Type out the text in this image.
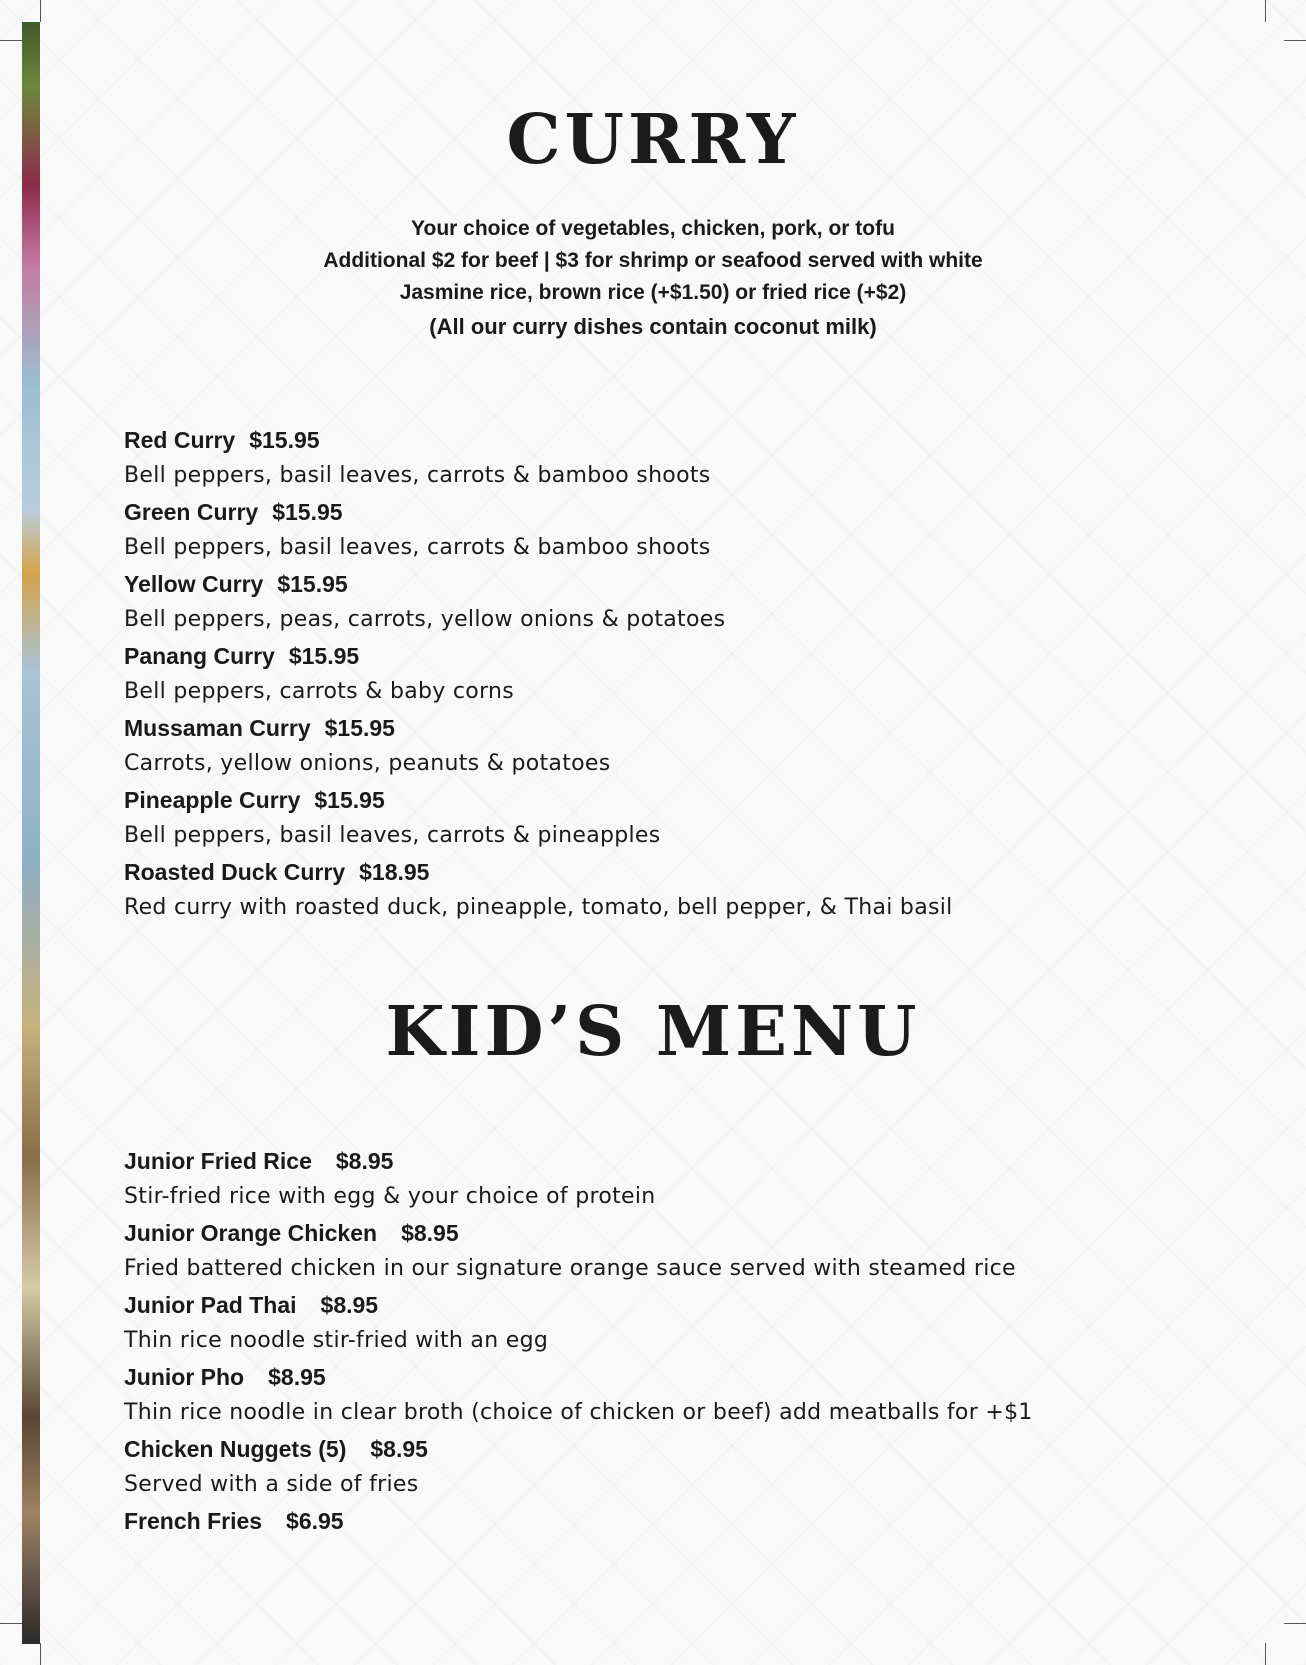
CURRY
Your choice of vegetables, chicken, pork, or tofu
Additional $2 for beef | $3 for shrimp or seafood served with white
Jasmine rice, brown rice (+$1.50) or fried rice (+$2)
(All our curry dishes contain coconut milk)
Red Curry $15.95
Bell peppers, basil leaves, carrots & bamboo shoots
Green Curry $15.95
Bell peppers, basil leaves, carrots & bamboo shoots
Yellow Curry $15.95
Bell peppers, peas, carrots, yellow onions & potatoes
Panang Curry $15.95
Bell peppers, carrots & baby corns
Mussaman Curry $15.95
Carrots, yellow onions, peanuts & potatoes
Pineapple Curry $15.95
Bell peppers, basil leaves, carrots & pineapples
Roasted Duck Curry $18.95
Red curry with roasted duck, pineapple, tomato, bell pepper, & Thai basil
KID’S MENU
Junior Fried Rice $8.95
Stir-fried rice with egg & your choice of protein
Junior Orange Chicken $8.95
Fried battered chicken in our signature orange sauce served with steamed rice
Junior Pad Thai $8.95
Thin rice noodle stir-fried with an egg
Junior Pho $8.95
Thin rice noodle in clear broth (choice of chicken or beef) add meatballs for +$1
Chicken Nuggets (5) $8.95
Served with a side of fries
French Fries $6.95
